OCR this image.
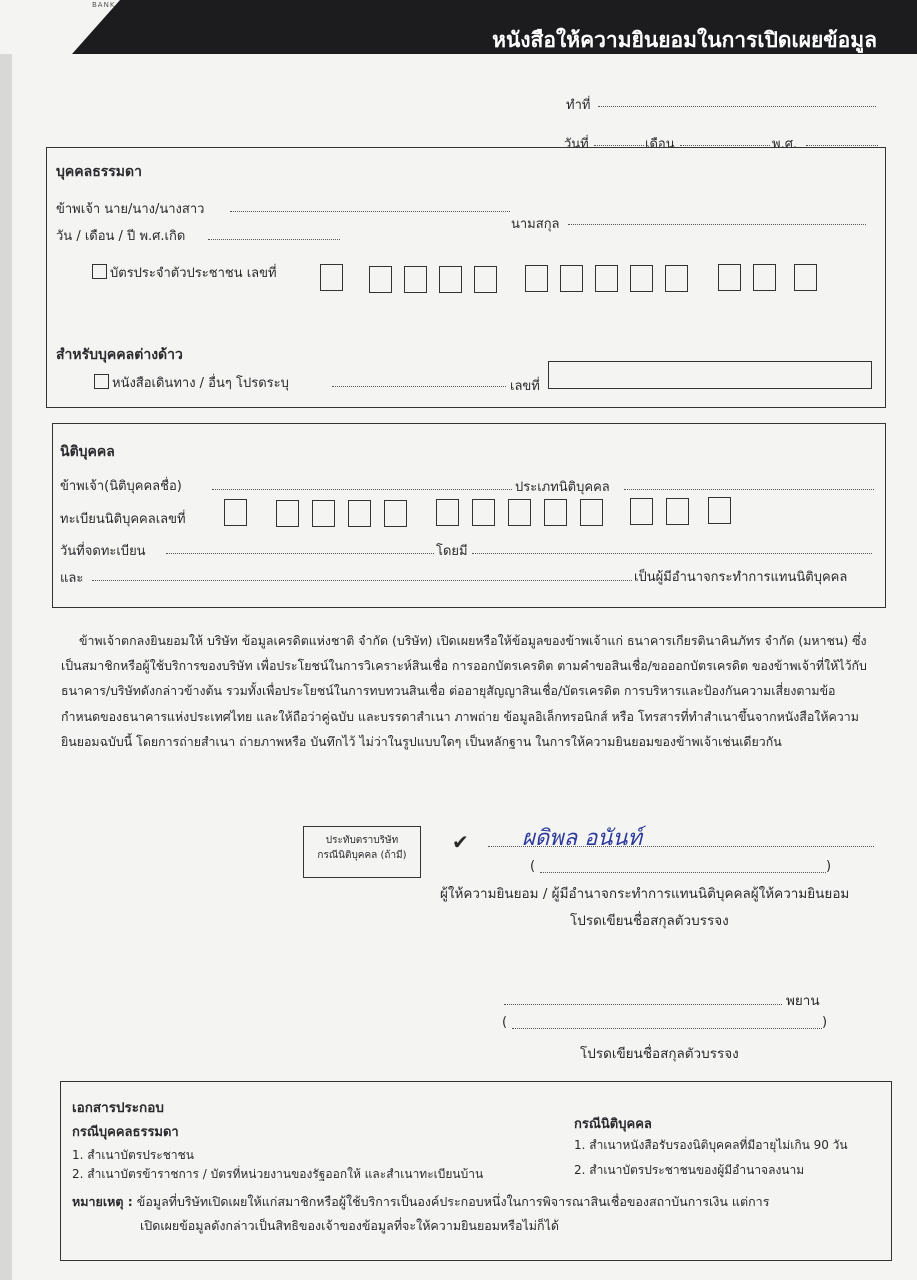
BANK
หนังสือให้ความยินยอมในการเปิดเผยข้อมูล
ทำที่
วันที่	เดือน	พ.ศ.
บุคคลธรรมดา
ข้าพเจ้า นาย/นาง/นางสาว
นามสกุล
วัน / เดือน / ปี พ.ศ.เกิด
บัตรประจำตัวประชาชน เลขที่
สำหรับบุคคลต่างด้าว
หนังสือเดินทาง / อื่นๆ โปรดระบุ	เลขที่
นิติบุคคล
ข้าพเจ้า(นิติบุคคลชื่อ)	ประเภทนิติบุคคล
ทะเบียนนิติบุคคลเลขที่
วันที่จดทะเบียน	โดยมี
และ	เป็นผู้มีอำนาจกระทำการแทนนิติบุคคล
ข้าพเจ้าตกลงยินยอมให้ บริษัท ข้อมูลเครดิตแห่งชาติ จำกัด (บริษัท) เปิดเผยหรือให้ข้อมูลของข้าพเจ้าแก่ ธนาคารเกียรตินาคินภัทร จำกัด (มหาชน) ซึ่งเป็นสมาชิกหรือผู้ใช้บริการของบริษัท เพื่อประโยชน์ในการวิเคราะห์สินเชื่อ การออกบัตรเครดิต ตามคำขอสินเชื่อ/ขอออกบัตรเครดิต ของข้าพเจ้าที่ให้ไว้กับธนาคาร/บริษัทดังกล่าวข้างต้น รวมทั้งเพื่อประโยชน์ในการทบทวนสินเชื่อ ต่ออายุสัญญาสินเชื่อ/บัตรเครดิต การบริหารและป้องกันความเสี่ยงตามข้อกำหนดของธนาคารแห่งประเทศไทย และให้ถือว่าคู่ฉบับ และบรรดาสำเนา ภาพถ่าย ข้อมูลอิเล็กทรอนิกส์ หรือ โทรสารที่ทำสำเนาขึ้นจากหนังสือให้ความยินยอมฉบับนี้ โดยการถ่ายสำเนา ถ่ายภาพหรือ บันทึกไว้ ไม่ว่าในรูปแบบใดๆ เป็นหลักฐาน ในการให้ความยินยอมของข้าพเจ้าเช่นเดียวกัน
ประทับตราบริษัท
กรณีนิติบุคคล (ถ้ามี)
✔ ผดิพล อนันท์
(	)
ผู้ให้ความยินยอม / ผู้มีอำนาจกระทำการแทนนิติบุคคลผู้ให้ความยินยอม
โปรดเขียนชื่อสกุลตัวบรรจง
พยาน
(	)
โปรดเขียนชื่อสกุลตัวบรรจง
เอกสารประกอบ
กรณีบุคคลธรรมดา
1. สำเนาบัตรประชาชน
2. สำเนาบัตรข้าราชการ / บัตรที่หน่วยงานของรัฐออกให้ และสำเนาทะเบียนบ้าน
กรณีนิติบุคคล
1. สำเนาหนังสือรับรองนิติบุคคลที่มีอายุไม่เกิน 90 วัน
2. สำเนาบัตรประชาชนของผู้มีอำนาจลงนาม
หมายเหตุ : ข้อมูลที่บริษัทเปิดเผยให้แก่สมาชิกหรือผู้ใช้บริการเป็นองค์ประกอบหนึ่งในการพิจารณาสินเชื่อของสถาบันการเงิน แต่การ
เปิดเผยข้อมูลดังกล่าวเป็นสิทธิของเจ้าของข้อมูลที่จะให้ความยินยอมหรือไม่ก็ได้
